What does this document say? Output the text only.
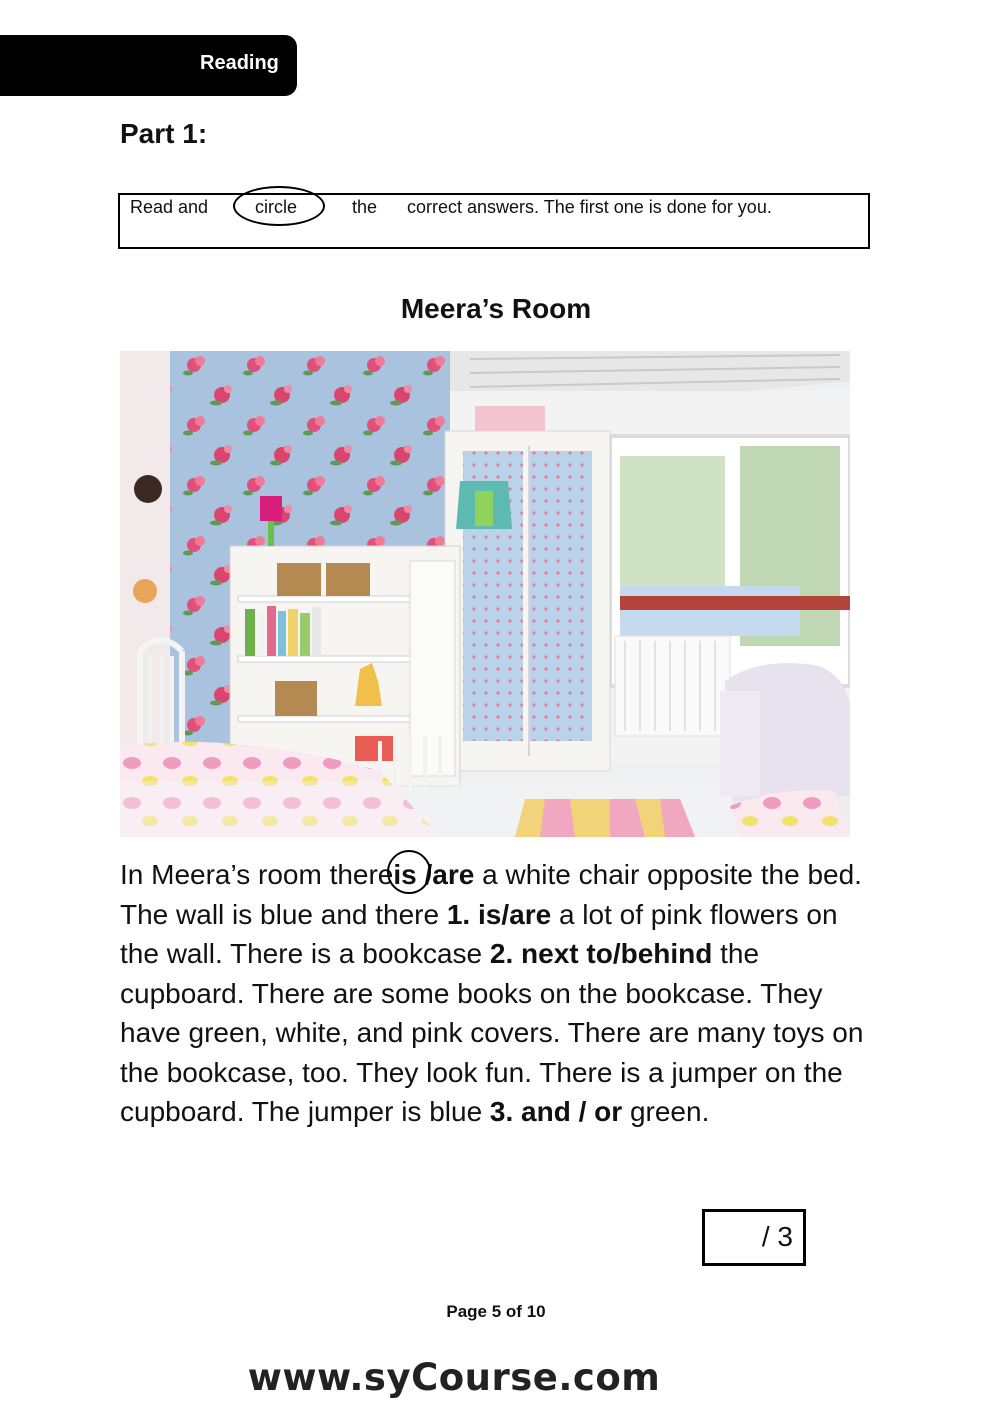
Reading
Part 1:
Read and	circle	the correct answers. The first one is done for you.
Meera’s Room
In Meera’s room there
is /are a white chair opposite the bed. The wall is blue and there 1. is/are a lot of pink flowers on the wall. There is a bookcase 2. next to/behind the cupboard. There are some books on the bookcase. They have green, white, and pink covers. There are many toys on the bookcase, too. They look fun. There is a jumper on the cupboard. The jumper is blue 3. and / or green.
/ 3
Page 5 of 10
www.syCourse.com
